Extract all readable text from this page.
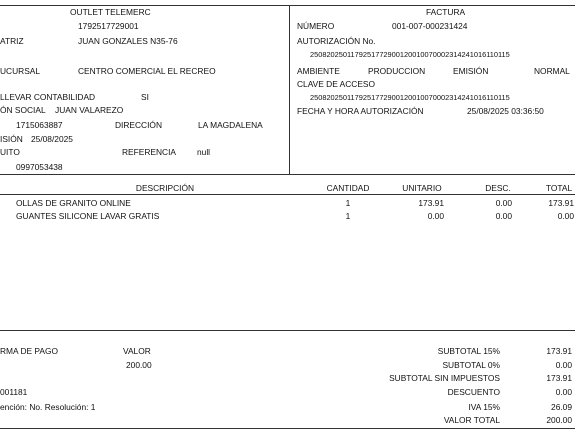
OUTLET TELEMERC
1792517729001
ATRIZ	JUAN GONZALES N35-76
UCURSAL	CENTRO COMERCIAL EL RECREO
LLEVAR CONTABILIDAD	SI
ÓN SOCIAL JUAN VALAREZO
1715063887	DIRECCIÓN	LA MAGDALENA
ISIÓN 25/08/2025
UITO	REFERENCIA	null
0997053438
FACTURA
NÚMERO	001-007-000231424
AUTORIZACIÓN No.
2508202501179251772900120010070002314241016110115
AMBIENTE	PRODUCCION	EMISIÓN	NORMAL
CLAVE DE ACCESO
2508202501179251772900120010070002314241016110115
FECHA Y HORA AUTORIZACIÓN	25/08/2025 03:36:50
DESCRIPCIÓN	CANTIDAD	UNITARIO	DESC.	TOTAL
OLLAS DE GRANITO ONLINE	1	173.91	0.00	173.91
GUANTES SILICONE LAVAR GRATIS	1	0.00	0.00	0.00
RMA DE PAGO	VALOR
200.00
001181
ención: No. Resolución: 1
SUBTOTAL 15%	173.91
SUBTOTAL 0%	0.00
SUBTOTAL SIN IMPUESTOS	173.91
DESCUENTO	0.00
IVA 15%	26.09
VALOR TOTAL	200.00
